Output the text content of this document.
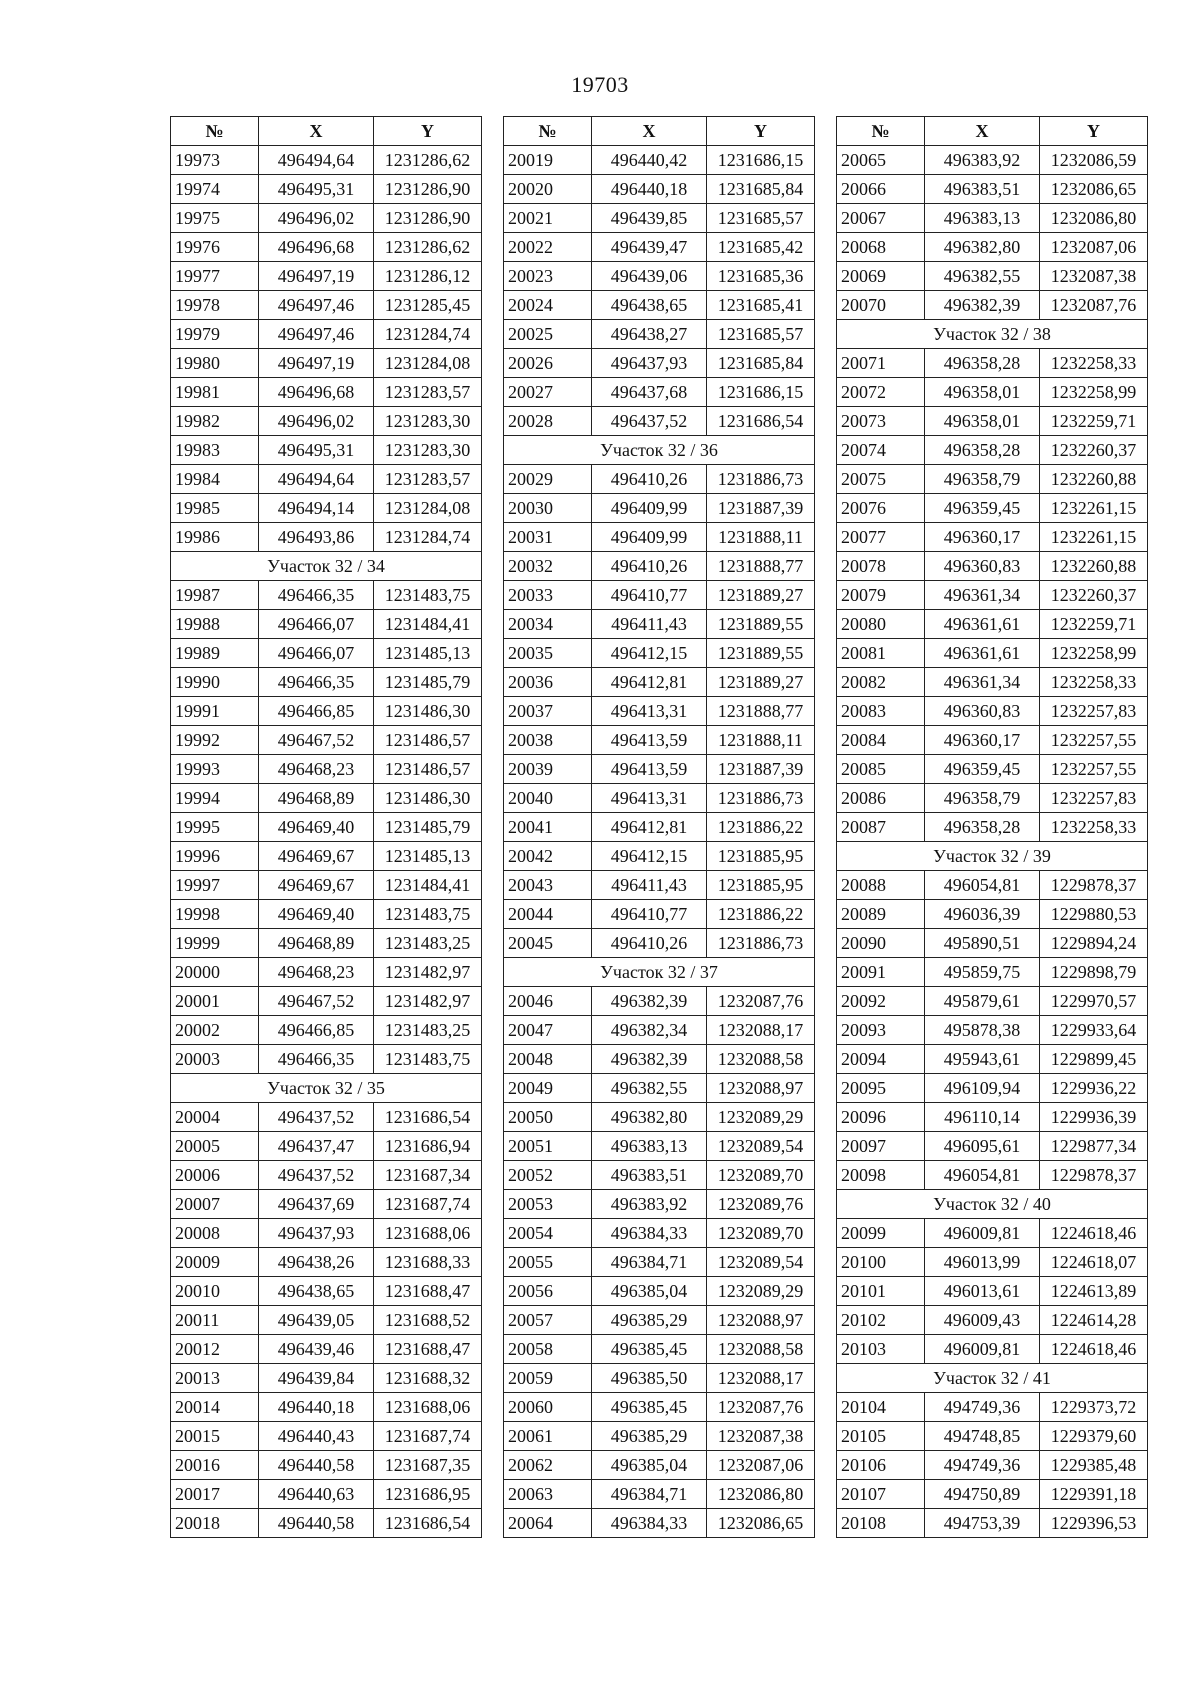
19703
№	X	Y
19973	496494,64	1231286,62
19974	496495,31	1231286,90
19975	496496,02	1231286,90
19976	496496,68	1231286,62
19977	496497,19	1231286,12
19978	496497,46	1231285,45
19979	496497,46	1231284,74
19980	496497,19	1231284,08
19981	496496,68	1231283,57
19982	496496,02	1231283,30
19983	496495,31	1231283,30
19984	496494,64	1231283,57
19985	496494,14	1231284,08
19986	496493,86	1231284,74
Участок 32 / 34		
19987	496466,35	1231483,75
19988	496466,07	1231484,41
19989	496466,07	1231485,13
19990	496466,35	1231485,79
19991	496466,85	1231486,30
19992	496467,52	1231486,57
19993	496468,23	1231486,57
19994	496468,89	1231486,30
19995	496469,40	1231485,79
19996	496469,67	1231485,13
19997	496469,67	1231484,41
19998	496469,40	1231483,75
19999	496468,89	1231483,25
20000	496468,23	1231482,97
20001	496467,52	1231482,97
20002	496466,85	1231483,25
20003	496466,35	1231483,75
Участок 32 / 35		
20004	496437,52	1231686,54
20005	496437,47	1231686,94
20006	496437,52	1231687,34
20007	496437,69	1231687,74
20008	496437,93	1231688,06
20009	496438,26	1231688,33
20010	496438,65	1231688,47
20011	496439,05	1231688,52
20012	496439,46	1231688,47
20013	496439,84	1231688,32
20014	496440,18	1231688,06
20015	496440,43	1231687,74
20016	496440,58	1231687,35
20017	496440,63	1231686,95
20018	496440,58	1231686,54
№	X	Y
20019	496440,42	1231686,15
20020	496440,18	1231685,84
20021	496439,85	1231685,57
20022	496439,47	1231685,42
20023	496439,06	1231685,36
20024	496438,65	1231685,41
20025	496438,27	1231685,57
20026	496437,93	1231685,84
20027	496437,68	1231686,15
20028	496437,52	1231686,54
Участок 32 / 36		
20029	496410,26	1231886,73
20030	496409,99	1231887,39
20031	496409,99	1231888,11
20032	496410,26	1231888,77
20033	496410,77	1231889,27
20034	496411,43	1231889,55
20035	496412,15	1231889,55
20036	496412,81	1231889,27
20037	496413,31	1231888,77
20038	496413,59	1231888,11
20039	496413,59	1231887,39
20040	496413,31	1231886,73
20041	496412,81	1231886,22
20042	496412,15	1231885,95
20043	496411,43	1231885,95
20044	496410,77	1231886,22
20045	496410,26	1231886,73
Участок 32 / 37		
20046	496382,39	1232087,76
20047	496382,34	1232088,17
20048	496382,39	1232088,58
20049	496382,55	1232088,97
20050	496382,80	1232089,29
20051	496383,13	1232089,54
20052	496383,51	1232089,70
20053	496383,92	1232089,76
20054	496384,33	1232089,70
20055	496384,71	1232089,54
20056	496385,04	1232089,29
20057	496385,29	1232088,97
20058	496385,45	1232088,58
20059	496385,50	1232088,17
20060	496385,45	1232087,76
20061	496385,29	1232087,38
20062	496385,04	1232087,06
20063	496384,71	1232086,80
20064	496384,33	1232086,65
№	X	Y
20065	496383,92	1232086,59
20066	496383,51	1232086,65
20067	496383,13	1232086,80
20068	496382,80	1232087,06
20069	496382,55	1232087,38
20070	496382,39	1232087,76
Участок 32 / 38		
20071	496358,28	1232258,33
20072	496358,01	1232258,99
20073	496358,01	1232259,71
20074	496358,28	1232260,37
20075	496358,79	1232260,88
20076	496359,45	1232261,15
20077	496360,17	1232261,15
20078	496360,83	1232260,88
20079	496361,34	1232260,37
20080	496361,61	1232259,71
20081	496361,61	1232258,99
20082	496361,34	1232258,33
20083	496360,83	1232257,83
20084	496360,17	1232257,55
20085	496359,45	1232257,55
20086	496358,79	1232257,83
20087	496358,28	1232258,33
Участок 32 / 39		
20088	496054,81	1229878,37
20089	496036,39	1229880,53
20090	495890,51	1229894,24
20091	495859,75	1229898,79
20092	495879,61	1229970,57
20093	495878,38	1229933,64
20094	495943,61	1229899,45
20095	496109,94	1229936,22
20096	496110,14	1229936,39
20097	496095,61	1229877,34
20098	496054,81	1229878,37
Участок 32 / 40		
20099	496009,81	1224618,46
20100	496013,99	1224618,07
20101	496013,61	1224613,89
20102	496009,43	1224614,28
20103	496009,81	1224618,46
Участок 32 / 41		
20104	494749,36	1229373,72
20105	494748,85	1229379,60
20106	494749,36	1229385,48
20107	494750,89	1229391,18
20108	494753,39	1229396,53
